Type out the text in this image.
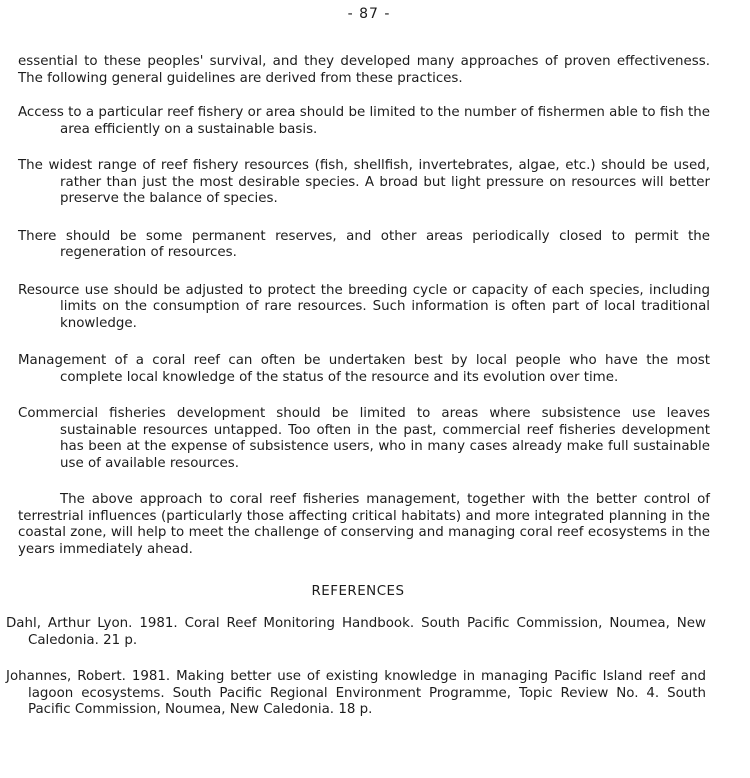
- 87 -

essential to these peoples' survival, and they developed many approaches of proven effectiveness. The following general guidelines are derived from these practices.

Access to a particular reef fishery or area should be limited to the number of fishermen able to fish the area efficiently on a sustainable basis.

The widest range of reef fishery resources (fish, shellfish, invertebrates, algae, etc.) should be used, rather than just the most desirable species. A broad but light pressure on resources will better preserve the balance of species.

There should be some permanent reserves, and other areas periodically closed to permit the regeneration of resources.

Resource use should be adjusted to protect the breeding cycle or capacity of each species, including limits on the consumption of rare resources. Such information is often part of local traditional knowledge.

Management of a coral reef can often be undertaken best by local people who have the most complete local knowledge of the status of the resource and its evolution over time.

Commercial fisheries development should be limited to areas where subsistence use leaves sustainable resources untapped. Too often in the past, commercial reef fisheries development has been at the expense of subsistence users, who in many cases already make full sustainable use of available resources.

The above approach to coral reef fisheries management, together with the better control of terrestrial influences (particularly those affecting critical habitats) and more integrated planning in the coastal zone, will help to meet the challenge of conserving and managing coral reef ecosystems in the years immediately ahead.

REFERENCES

Dahl, Arthur Lyon. 1981. Coral Reef Monitoring Handbook. South Pacific Commission, Noumea, New Caledonia. 21 p.

Johannes, Robert. 1981. Making better use of existing knowledge in managing Pacific Island reef and lagoon ecosystems. South Pacific Regional Environment Programme, Topic Review No. 4. South Pacific Commission, Noumea, New Caledonia. 18 p.
